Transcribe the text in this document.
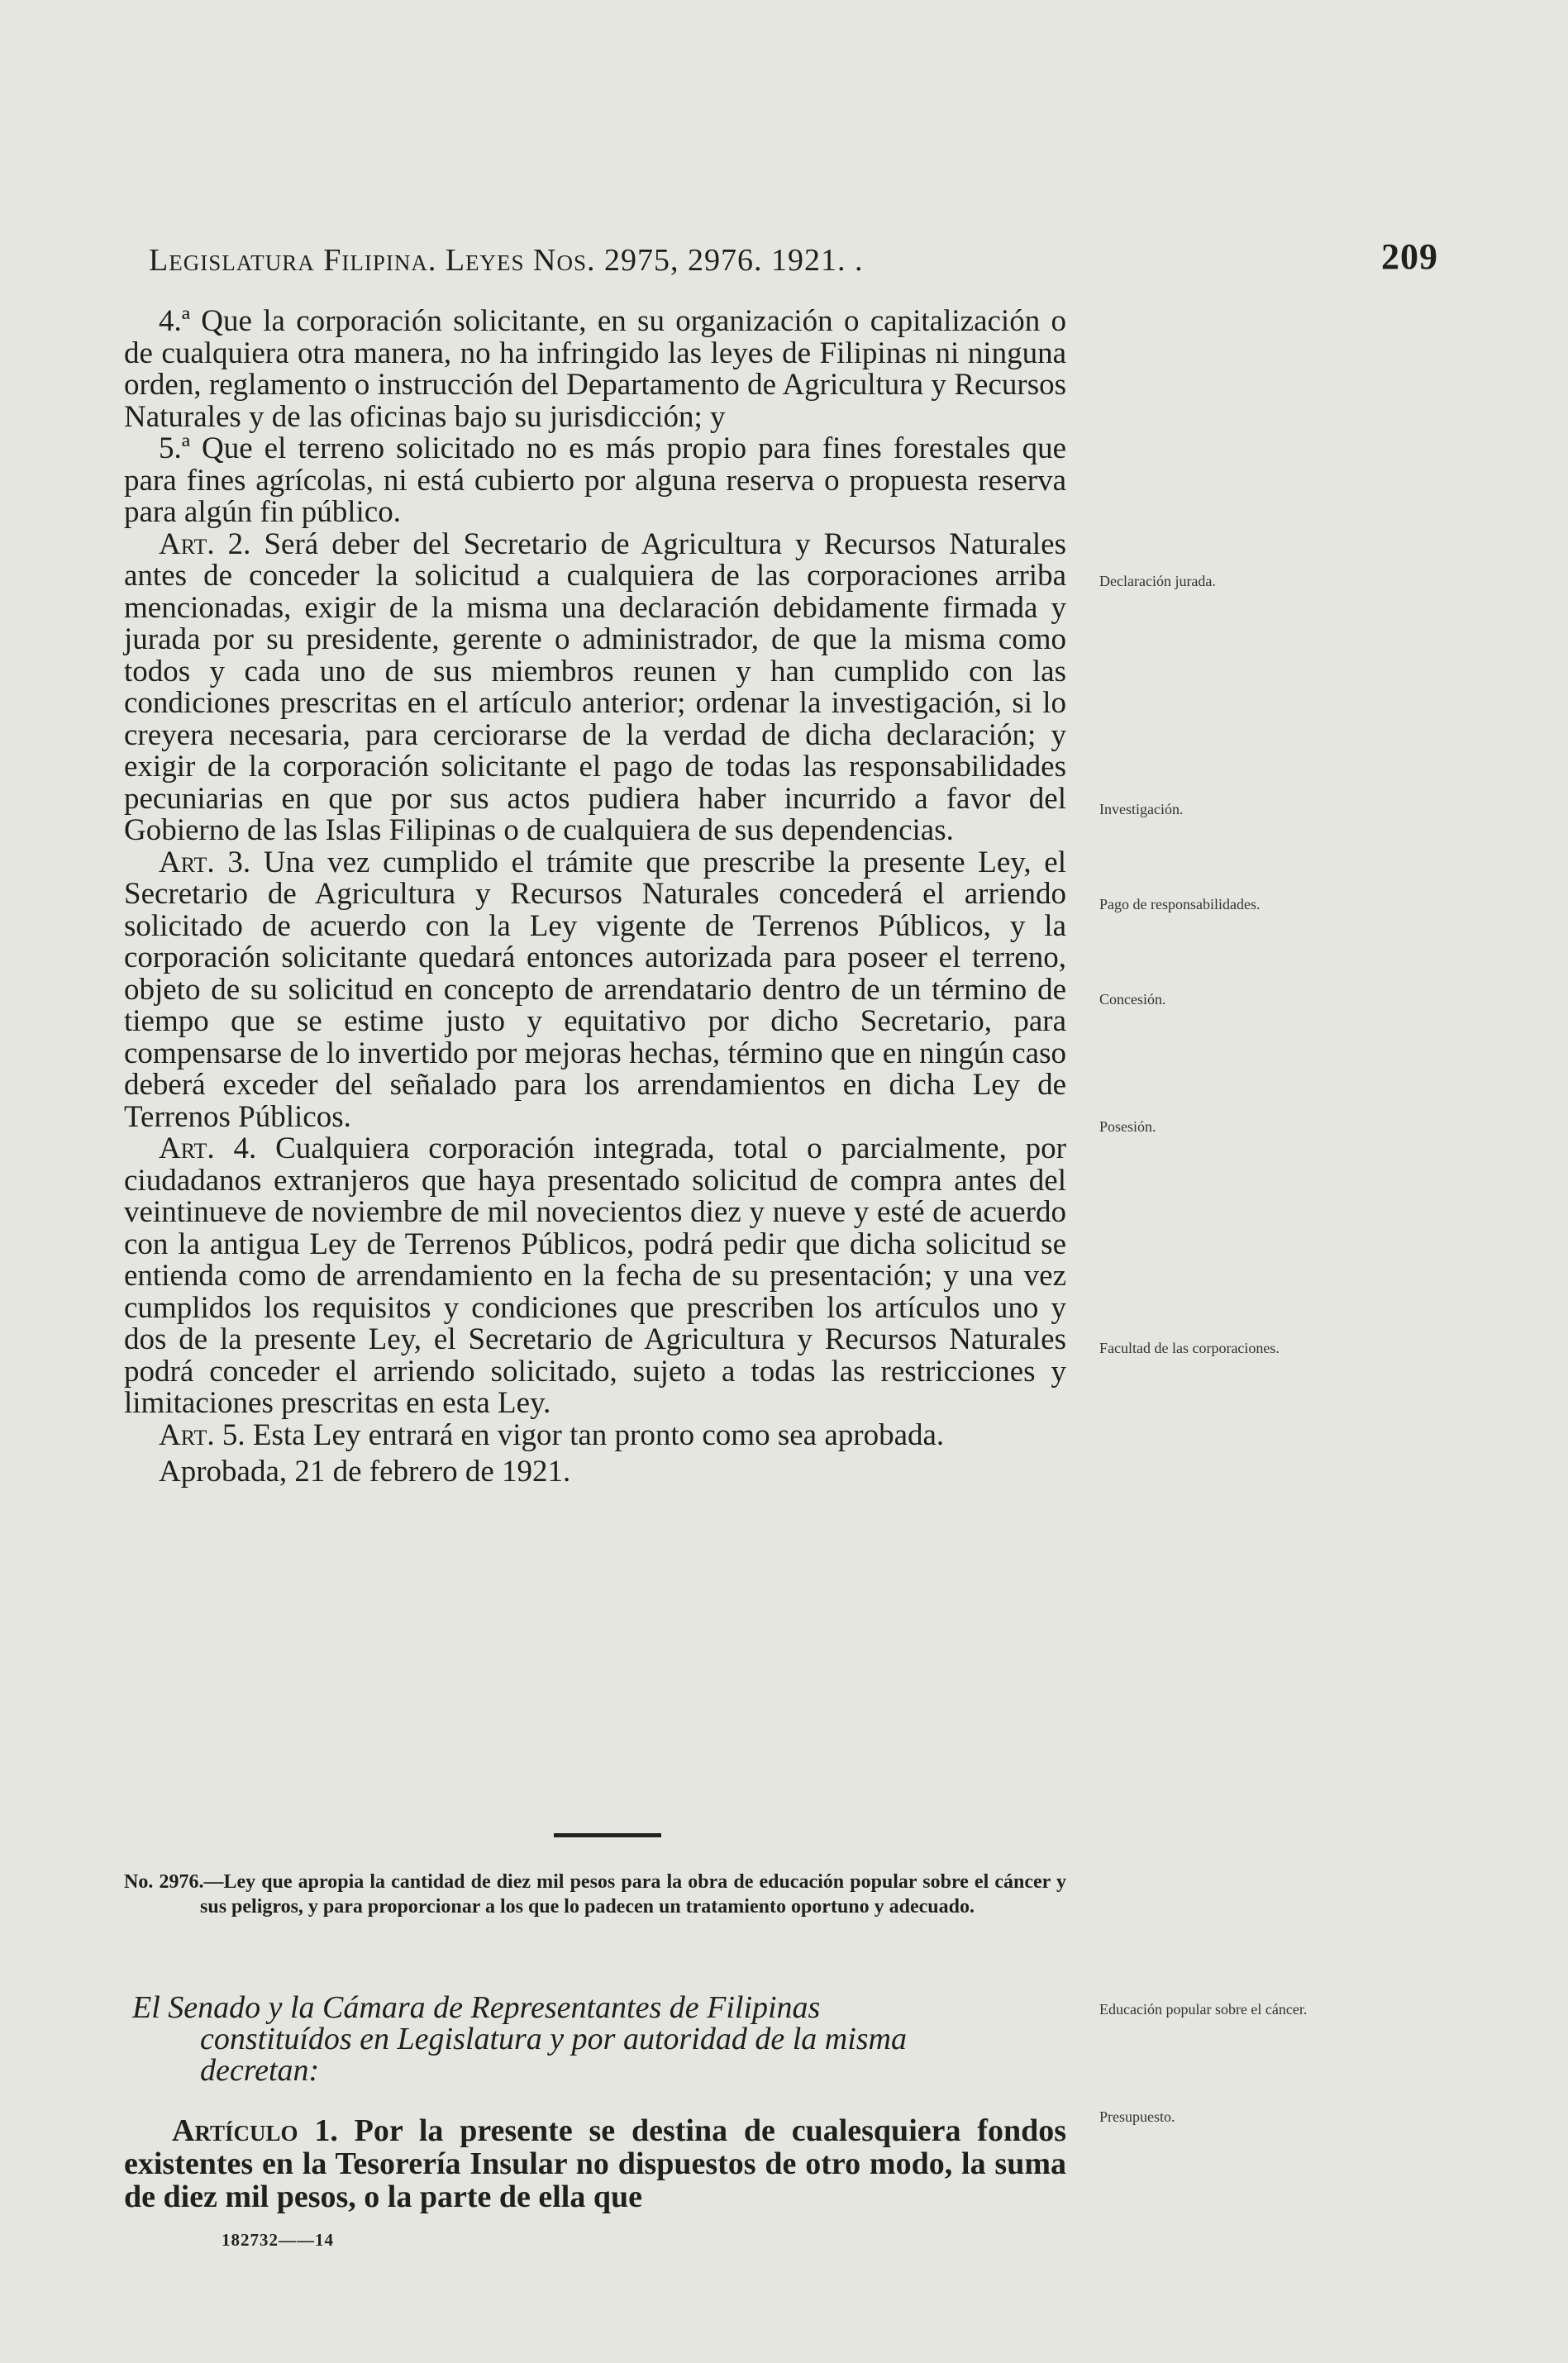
Legislatura Filipina. Leyes Nos. 2975, 2976. 1921. .	209

4.ª Que la corporación solicitante, en su organización o capitalización o de cualquiera otra manera, no ha infringido las leyes de Filipinas ni ninguna orden, reglamento o instrucción del Departamento de Agricultura y Recursos Naturales y de las oficinas bajo su jurisdicción; y

5.ª Que el terreno solicitado no es más propio para fines forestales que para fines agrícolas, ni está cubierto por alguna reserva o propuesta reserva para algún fin público.

Art. 2. Será deber del Secretario de Agricultura y Recursos Naturales antes de conceder la solicitud a cualquiera de las corporaciones arriba mencionadas, exigir de la misma una declaración debidamente firmada y jurada por su presidente, gerente o administrador, de que la misma como todos y cada uno de sus miembros reunen y han cumplido con las condiciones prescritas en el artículo anterior; ordenar la investigación, si lo creyera necesaria, para cerciorarse de la verdad de dicha declaración; y exigir de la corporación solicitante el pago de todas las responsabilidades pecuniarias en que por sus actos pudiera haber incurrido a favor del Gobierno de las Islas Filipinas o de cualquiera de sus dependencias.

Art. 3. Una vez cumplido el trámite que prescribe la presente Ley, el Secretario de Agricultura y Recursos Naturales concederá el arriendo solicitado de acuerdo con la Ley vigente de Terrenos Públicos, y la corporación solicitante quedará entonces autorizada para poseer el terreno, objeto de su solicitud en concepto de arrendatario dentro de un término de tiempo que se estime justo y equitativo por dicho Secretario, para compensarse de lo invertido por mejoras hechas, término que en ningún caso deberá exceder del señalado para los arrendamientos en dicha Ley de Terrenos Públicos.

Art. 4. Cualquiera corporación integrada, total o parcialmente, por ciudadanos extranjeros que haya presentado solicitud de compra antes del veintinueve de noviembre de mil novecientos diez y nueve y esté de acuerdo con la antigua Ley de Terrenos Públicos, podrá pedir que dicha solicitud se entienda como de arrendamiento en la fecha de su presentación; y una vez cumplidos los requisitos y condiciones que prescriben los artículos uno y dos de la presente Ley, el Secretario de Agricultura y Recursos Naturales podrá conceder el arriendo solicitado, sujeto a todas las restricciones y limitaciones prescritas en esta Ley.

Art. 5. Esta Ley entrará en vigor tan pronto como sea aprobada.

Aprobada, 21 de febrero de 1921.

Declaración jurada.
Investigación.
Pago de responsabilidades.
Concesión.
Posesión.
Facultad de las corporaciones.
Educación popular sobre el cáncer.
Presupuesto.
No. 2976.—Ley que apropia la cantidad de diez mil pesos para la obra de educación popular sobre el cáncer y sus peligros, y para proporcionar a los que lo padecen un tratamiento oportuno y adecuado.
El Senado y la Cámara de Representantes de Filipinas
constituídos en Legislatura y por autoridad de la misma
decretan:

Artículo 1. Por la presente se destina de cualesquiera fondos existentes en la Tesorería Insular no dispuestos de otro modo, la suma de diez mil pesos, o la parte de ella que

182732——14
